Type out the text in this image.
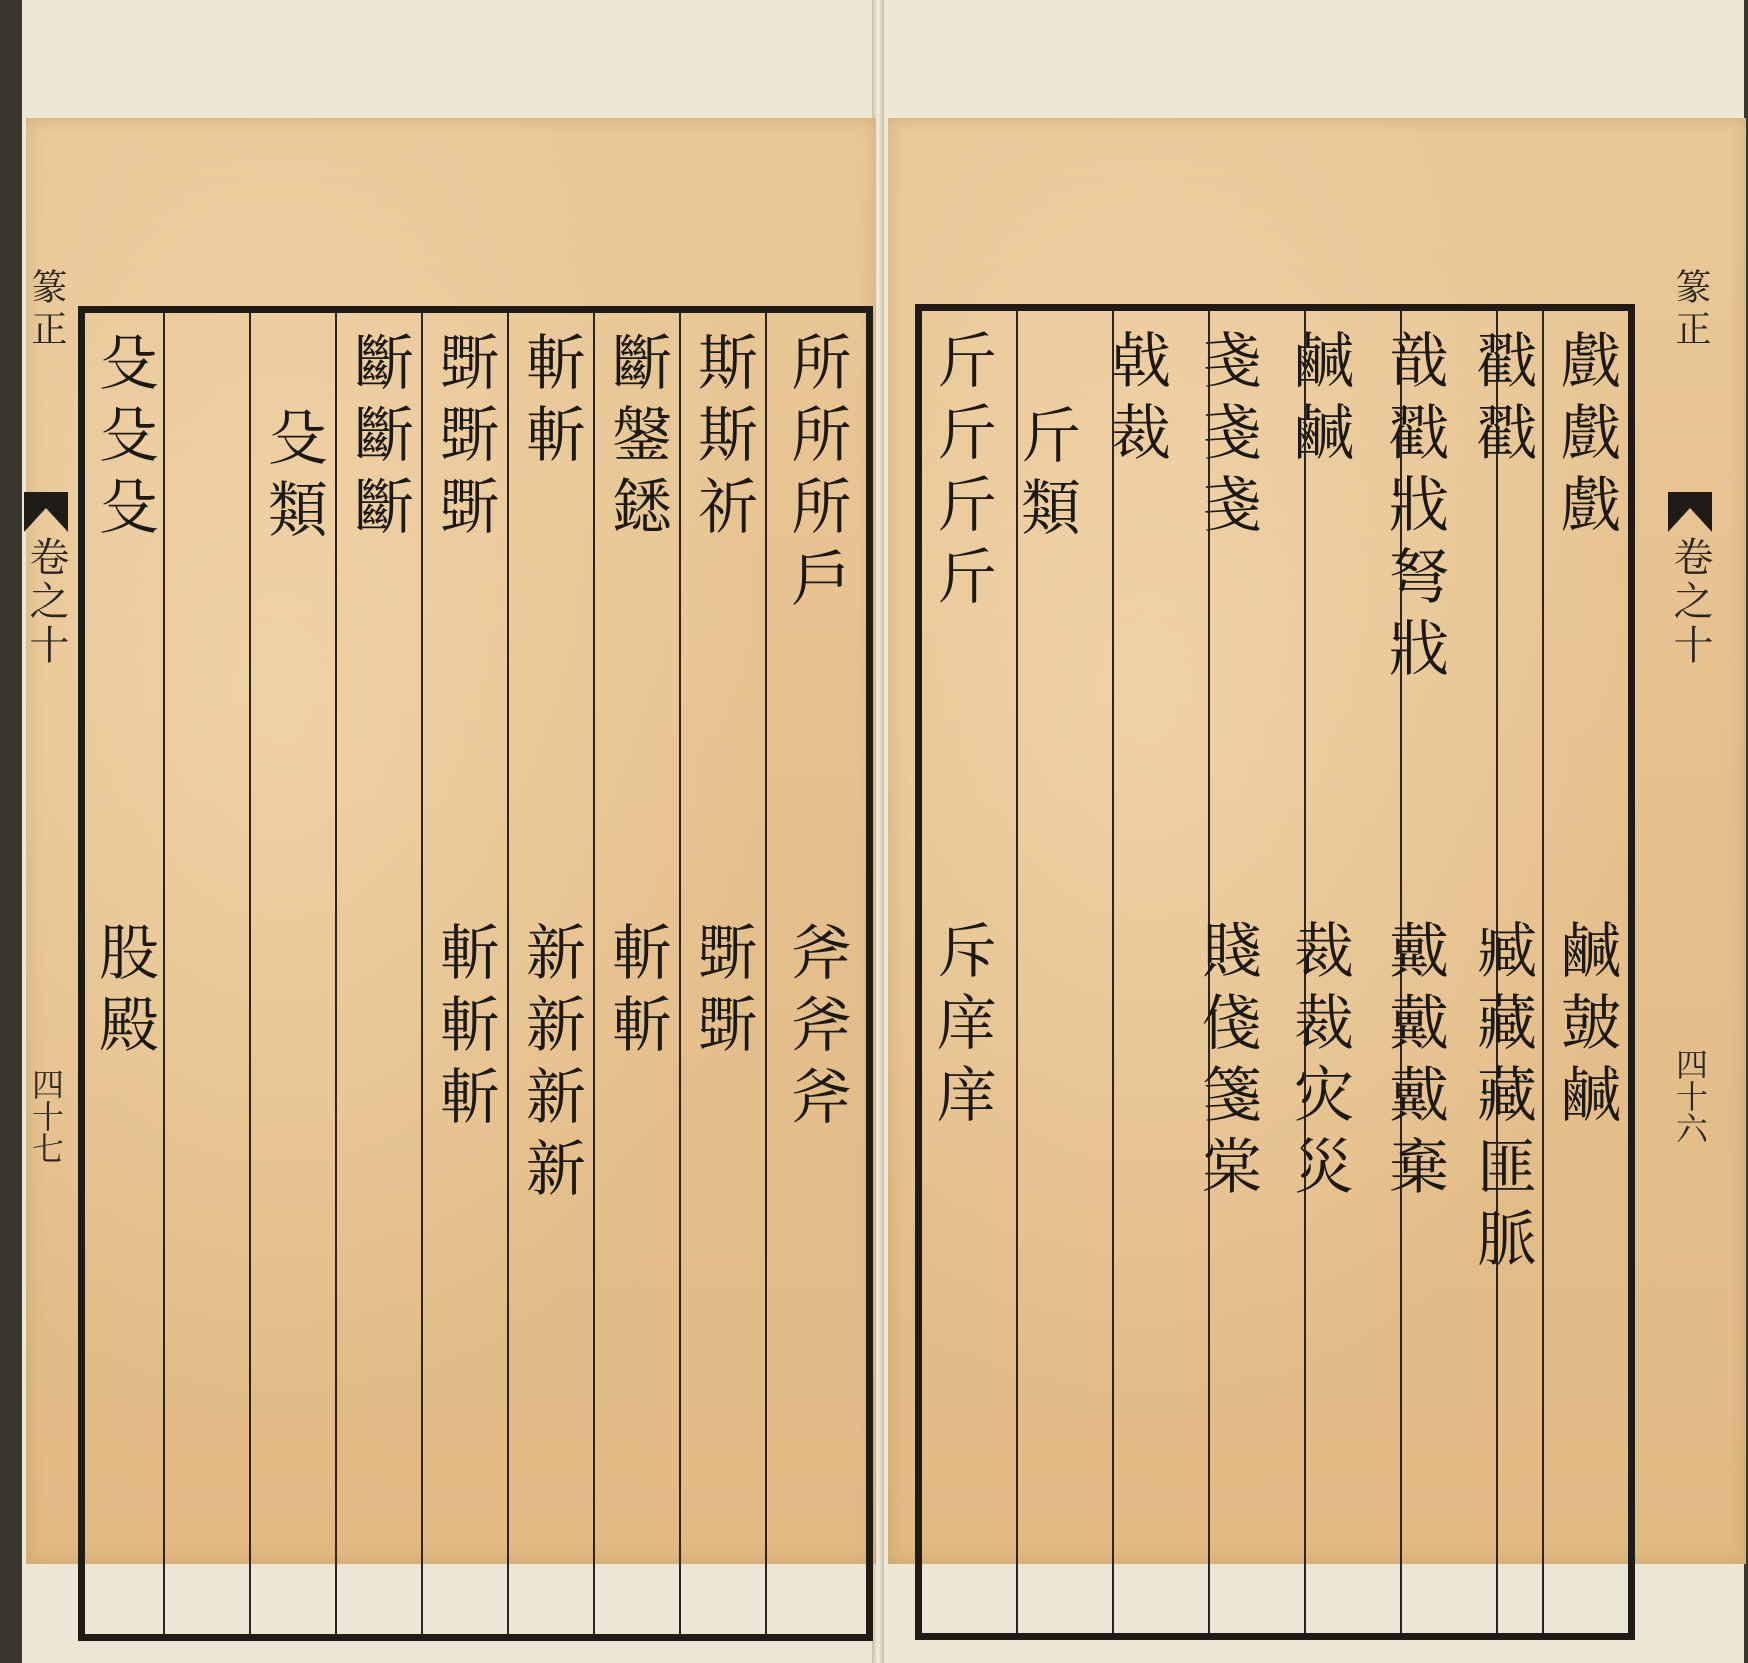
篆正
卷之十
四十七
所所所戶
斧斧斧
斯斯祈
斲斲
斷鎜鏭
斬斬
斬斬
新新新新
斲斲斲
斬斬斬
斷斷斷
殳類
殳殳殳
股殿
戲戲戲
鹹皷鹹
戳戳
臧藏藏匪脈
戠戳戕弩戕
戴戴戴棄
鹹鹹
裁裁灾災
戔戔戔
賤俴箋棠
㦸裁
斤類
斤斤斤斤
斥庠庠
篆正
卷之十
四十六
